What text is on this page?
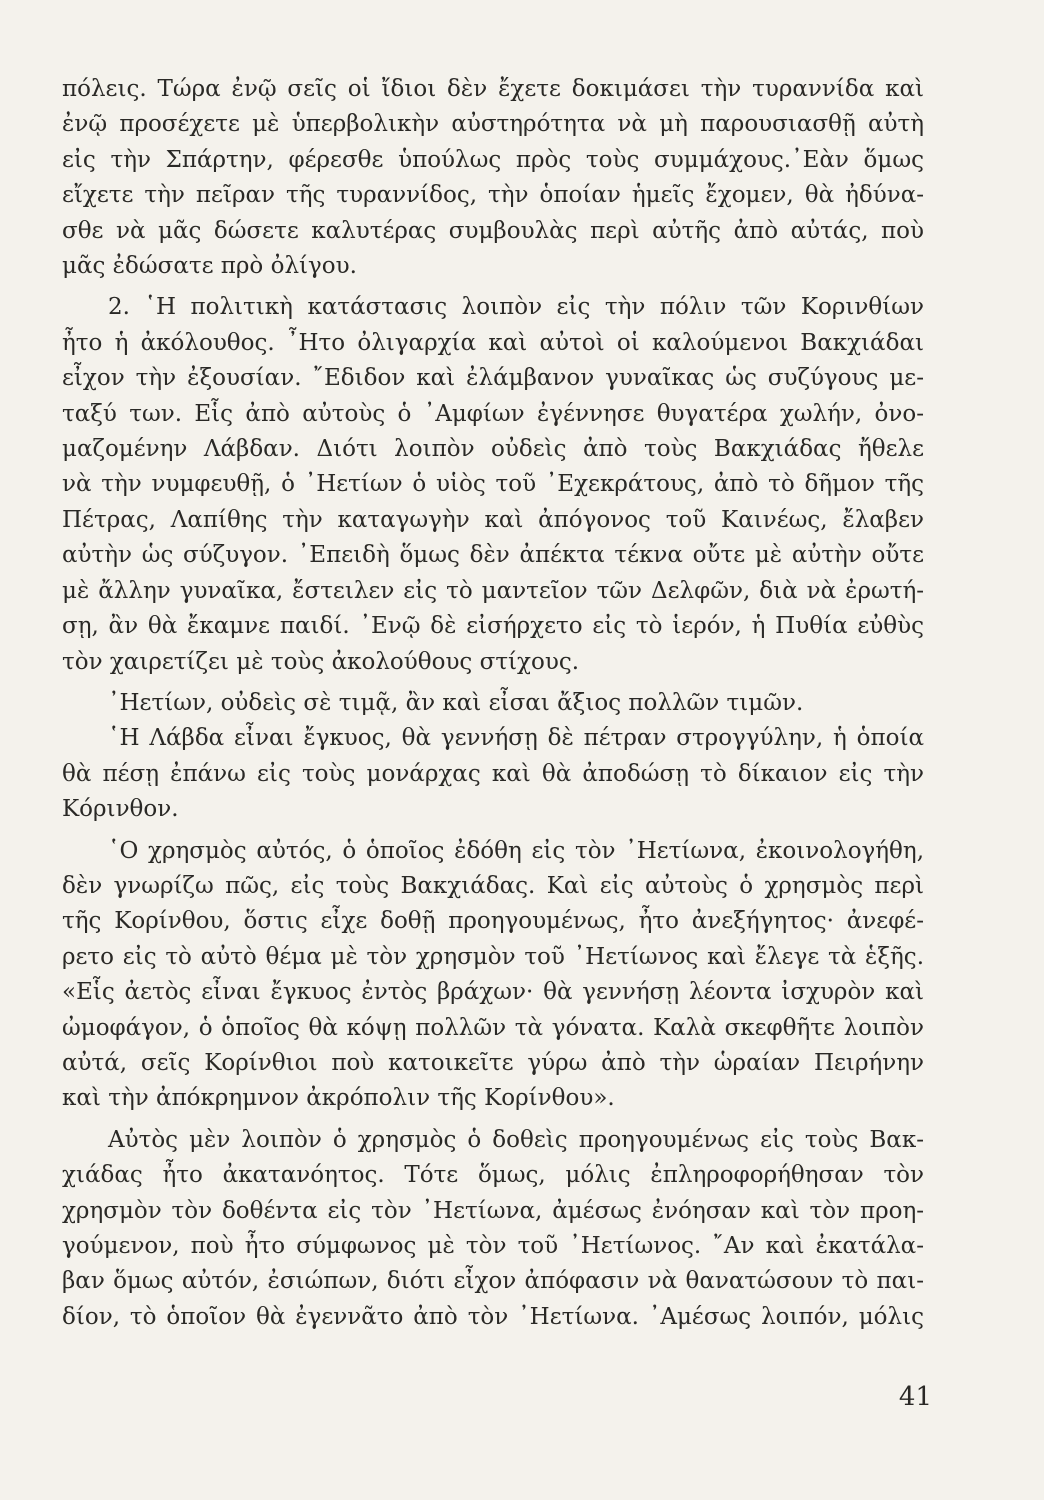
πόλεις. Τώρα ἐνῷ σεῖς οἱ ἴδιοι δὲν ἔχετε δοκιμάσει τὴν τυραννίδα καὶ
ἐνῷ προσέχετε μὲ ὑπερβολικὴν αὐστηρότητα νὰ μὴ παρουσιασθῇ αὐτὴ
εἰς τὴν Σπάρτην, φέρεσθε ὑπούλως πρὸς τοὺς συμμάχους.᾿Εὰν ὅμως
εἴχετε τὴν πεῖραν τῆς τυραννίδος, τὴν ὁποίαν ἡμεῖς ἔχομεν, θὰ ἠδύνα-
σθε νὰ μᾶς δώσετε καλυτέρας συμβουλὰς περὶ αὐτῆς ἀπὸ αὐτάς, ποὺ
μᾶς ἐδώσατε πρὸ ὀλίγου.
2. ῾Η πολιτικὴ κατάστασις λοιπὸν εἰς τὴν πόλιν τῶν Κορινθίων
ἦτο ἡ ἀκόλουθος. ῏Ητο ὀλιγαρχία καὶ αὐτοὶ οἱ καλούμενοι Βακχιάδαι
εἶχον τὴν ἐξουσίαν. ῎Εδιδον καὶ ἐλάμβανον γυναῖκας ὡς συζύγους με-
ταξύ των. Εἷς ἀπὸ αὐτοὺς ὁ ᾿Αμφίων ἐγέννησε θυγατέρα χωλήν, ὀνο-
μαζομένην Λάβδαν. Διότι λοιπὸν οὐδεὶς ἀπὸ τοὺς Βακχιάδας ἤθελε
νὰ τὴν νυμφευθῇ, ὁ ᾿Ηετίων ὁ υἱὸς τοῦ ᾿Εχεκράτους, ἀπὸ τὸ δῆμον τῆς
Πέτρας, Λαπίθης τὴν καταγωγὴν καὶ ἀπόγονος τοῦ Καινέως, ἔλαβεν
αὐτὴν ὡς σύζυγον. ᾿Επειδὴ ὅμως δὲν ἀπέκτα τέκνα οὔτε μὲ αὐτὴν οὔτε
μὲ ἄλλην γυναῖκα, ἔστειλεν εἰς τὸ μαντεῖον τῶν Δελφῶν, διὰ νὰ ἐρωτή-
σῃ, ἂν θὰ ἔκαμνε παιδί. ᾿Ενῷ δὲ εἰσήρχετο εἰς τὸ ἱερόν, ἡ Πυθία εὐθὺς
τὸν χαιρετίζει μὲ τοὺς ἀκολούθους στίχους.
᾿Ηετίων, οὐδεὶς σὲ τιμᾷ, ἂν καὶ εἶσαι ἄξιος πολλῶν τιμῶν.
῾Η Λάβδα εἶναι ἔγκυος, θὰ γεννήσῃ δὲ πέτραν στρογγύλην, ἡ ὁποία
θὰ πέσῃ ἐπάνω εἰς τοὺς μονάρχας καὶ θὰ ἀποδώσῃ τὸ δίκαιον εἰς τὴν
Κόρινθον.
῾Ο χρησμὸς αὐτός, ὁ ὁποῖος ἐδόθη εἰς τὸν ᾿Ηετίωνα, ἐκοινολογήθη,
δὲν γνωρίζω πῶς, εἰς τοὺς Βακχιάδας. Καὶ εἰς αὐτοὺς ὁ χρησμὸς περὶ
τῆς Κορίνθου, ὅστις εἶχε δοθῇ προηγουμένως, ἦτο ἀνεξήγητος· ἀνεφέ-
ρετο εἰς τὸ αὐτὸ θέμα μὲ τὸν χρησμὸν τοῦ ᾿Ηετίωνος καὶ ἔλεγε τὰ ἑξῆς.
«Εἷς ἀετὸς εἶναι ἔγκυος ἐντὸς βράχων· θὰ γεννήσῃ λέοντα ἰσχυρὸν καὶ
ὠμοφάγον, ὁ ὁποῖος θὰ κόψῃ πολλῶν τὰ γόνατα. Καλὰ σκεφθῆτε λοιπὸν
αὐτά, σεῖς Κορίνθιοι ποὺ κατοικεῖτε γύρω ἀπὸ τὴν ὡραίαν Πειρήνην
καὶ τὴν ἀπόκρημνον ἀκρόπολιν τῆς Κορίνθου».
Αὐτὸς μὲν λοιπὸν ὁ χρησμὸς ὁ δοθεὶς προηγουμένως εἰς τοὺς Βακ-
χιάδας ἦτο ἀκατανόητος. Τότε ὅμως, μόλις ἐπληροφορήθησαν τὸν
χρησμὸν τὸν δοθέντα εἰς τὸν ᾿Ηετίωνα, ἀμέσως ἐνόησαν καὶ τὸν προη-
γούμενον, ποὺ ἦτο σύμφωνος μὲ τὸν τοῦ ᾿Ηετίωνος. ῎Αν καὶ ἐκατάλα-
βαν ὅμως αὐτόν, ἐσιώπων, διότι εἶχον ἀπόφασιν νὰ θανατώσουν τὸ παι-
δίον, τὸ ὁποῖον θὰ ἐγεννᾶτο ἀπὸ τὸν ᾿Ηετίωνα. ᾿Αμέσως λοιπόν, μόλις
41
